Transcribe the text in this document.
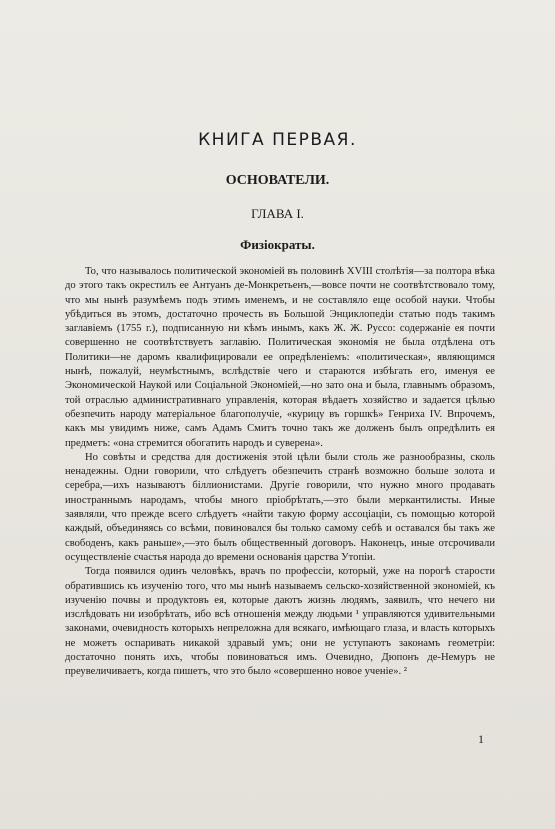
КНИГА ПЕРВАЯ.
ОСНОВАТЕЛИ.
ГЛАВА I.
Физiократы.

То, что называлось политической экономiей въ половинѣ XVIII столѣтiя—за полтора вѣка до этого такъ окрестилъ ее Антуанъ де-Монкретьенъ,—вовсе почти не соотвѣтствовало тому, что мы нынѣ разумѣемъ подъ этимъ именемъ, и не составляло еще особой науки. Чтобы убѣдиться въ этомъ, достаточно прочесть въ Большой Энциклопедiи статью подъ такимъ заглавiемъ (1755 г.), подписанную ни кѣмъ инымъ, какъ Ж. Ж. Руссо: содержанiе ея почти совершенно не соотвѣтствуетъ заглавiю. Политическая экономiя не была отдѣлена отъ Политики—не даромъ квалифицировали ее опредѣленiемъ: «политическая», являющимся нынѣ, пожалуй, неумѣстнымъ, вслѣдствiе чего и стараются избѣгать его, именуя ее Экономической Наукой или Соцiальной Экономiей,—но зато она и была, главнымъ образомъ, той отраслью административнаго управленiя, которая вѣдаетъ хозяйство и задается цѣлью обезпечить народу матерiальное благополучiе, «курицу въ горшкѣ» Генриха IV. Впрочемъ, какъ мы увидимъ ниже, самъ Адамъ Смитъ точно такъ же долженъ былъ опредѣлить ея предметъ: «она стремится обогатить народъ и суверена».

Но совѣты и средства для достиженiя этой цѣли были столь же разнообразны, сколь ненадежны. Одни говорили, что слѣдуетъ обезпечить странѣ возможно больше золота и серебра,—ихъ называютъ бiллионистами. Другiе говорили, что нужно много продавать иностраннымъ народамъ, чтобы много прiобрѣтать,—это были меркантилисты. Иные заявляли, что прежде всего слѣдуетъ «найти такую форму ассоцiацiи, съ помощью которой каждый, объединяясь со всѣми, повиновался бы только самому себѣ и оставался бы такъ же свободенъ, какъ раньше»,—это былъ общественный договоръ. Наконецъ, иные отсрочивали осуществленiе счастья народа до времени основанiя царства Утопiи.

Тогда появился одинъ человѣкъ, врачъ по профессiи, который, уже на порогѣ старости обратившись къ изученiю того, что мы нынѣ называемъ сельско-хозяйственной экономiей, къ изученiю почвы и продуктовъ ея, которые даютъ жизнь людямъ, заявилъ, что нечего ни изслѣдовать ни изобрѣтать, ибо всѣ отношенiя между людьми ¹ управляются удивительными законами, очевидность которыхъ непреложна для всякаго, имѣющаго глаза, и власть которыхъ не можетъ оспаривать никакой здравый умъ; они не уступаютъ законамъ геометрiи: достаточно понять ихъ, чтобы повиноваться имъ. Очевидно, Дюпонъ де-Немуръ не преувеличиваетъ, когда пишетъ, что это было «совершенно новое ученiе». ²

1
